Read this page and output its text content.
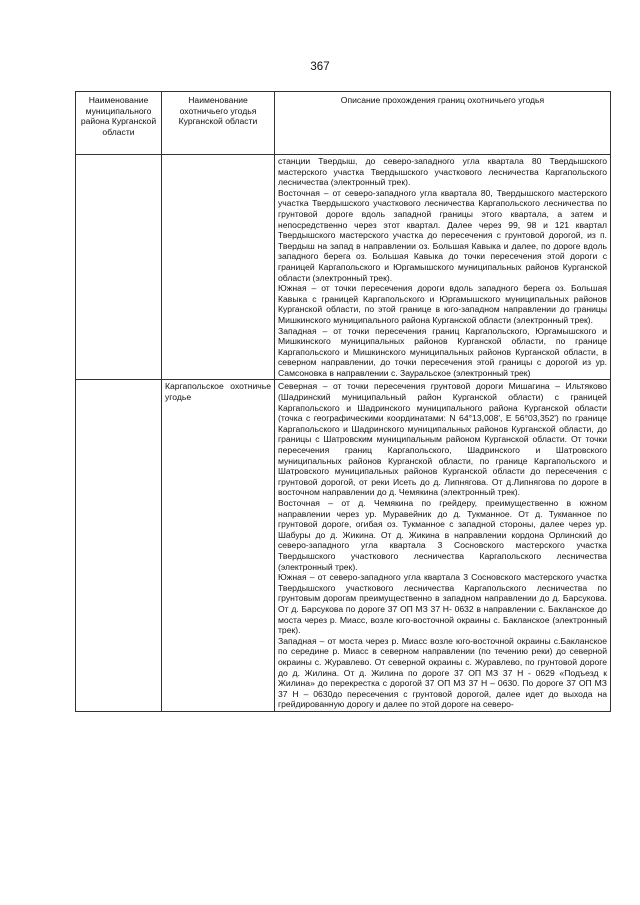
367
Наименование муниципального района Курганской области	Наименование охотничьего угодья Курганской области	Описание прохождения границ охотничьего угодья

		станции Твердыш, до северо-западного угла квартала 80 Твердышского мастерского участка Твердышского участкового лесничества Каргапольского лесничества (электронный трек).

Восточная – от северо-западного угла квартала 80, Твердышского мастерского участка Твердышского участкового лесничества Каргапольского лесничества по грунтовой дороге вдоль западной границы этого квартала, а затем и непосредственно через этот квартал. Далее через 99, 98 и 121 квартал Твердышского мастерского участка до пересечения с грунтовой дорогой, из п. Твердыш на запад в направлении оз. Большая Кавыка и далее, по дороге вдоль западного берега оз. Большая Кавыка до точки пересечения этой дороги с границей Каргапольского и Юргамышского муниципальных районов Курганской области (электронный трек).

Южная – от точки пересечения дороги вдоль западного берега оз. Большая Кавыка с границей Каргапольского и Юргамышского муниципальных районов Курганской области, по этой границе в юго-западном направлении до границы Мишкинского муниципального района Курганской области (электронный трек).

Западная – от точки пересечения границ Каргапольского, Юргамышского и Мишкинского муниципальных районов Курганской области, по границе Каргапольского и Мишкинского муниципальных районов Курганской области, в северном направлении, до точки пересечения этой границы с дорогой из ур. Самсоновка в направлении с. Зауральское (электронный трек)

	Каргапольское охотничье угодье	Северная – от точки пересечения грунтовой дороги Мишагина – Ильтяково (Шадринский муниципальный район Курганской области) с границей Каргапольского и Шадринского муниципального района Курганской области (точка с географическими координатами: N 64°13,008', E 56°03,352') по границе Каргапольского и Шадринского муниципальных районов Курганской области, до границы с Шатровским муниципальным районом Курганской области. От точки пересечения границ Каргапольского, Шадринского и Шатровского муниципальных районов Курганской области, по границе Каргапольского и Шатровского муниципальных районов Курганской области до пересечения с грунтовой дорогой, от реки Исеть до д. Липнягова. От д.Липнягова по дороге в восточном направлении до д. Чемякина (электронный трек).

Восточная – от д. Чемякина по грейдеру, преимущественно в южном направлении через ур. Муравейник до д. Тукманное. От д. Тукманное по грунтовой дороге, огибая оз. Тукманное с западной стороны, далее через ур. Шабуры до д. Жикина. От д. Жикина в направлении кордона Орлинский до северо-западного угла квартала 3 Сосновского мастерского участка Твердышского участкового лесничества Каргапольского лесничества (электронный трек).

Южная – от северо-западного угла квартала 3 Сосновского мастерского участка Твердышского участкового лесничества Каргапольского лесничества по грунтовым дорогам преимущественно в западном направлении до д. Барсукова. От д. Барсукова по дороге 37 ОП МЗ 37 Н- 0632 в направлении с. Бакланское до моста через р. Миасс, возле юго-восточной окраины с. Бакланское (электронный трек).

Западная – от моста через р. Миасс возле юго-восточной окраины с.Бакланское по середине р. Миасс в северном направлении (по течению реки) до северной окраины с. Журавлево. От северной окраины с. Журавлево, по грунтовой дороге до д. Жилина. От д. Жилина по дороге 37 ОП МЗ 37 Н - 0629 «Подъезд к Жилина» до перекрестка с дорогой 37 ОП МЗ 37 Н – 0630. По дороге 37 ОП МЗ 37 Н – 0630до пересечения с грунтовой дорогой, далее идет до выхода на грейдированную дорогу и далее по этой дороге на северо-
